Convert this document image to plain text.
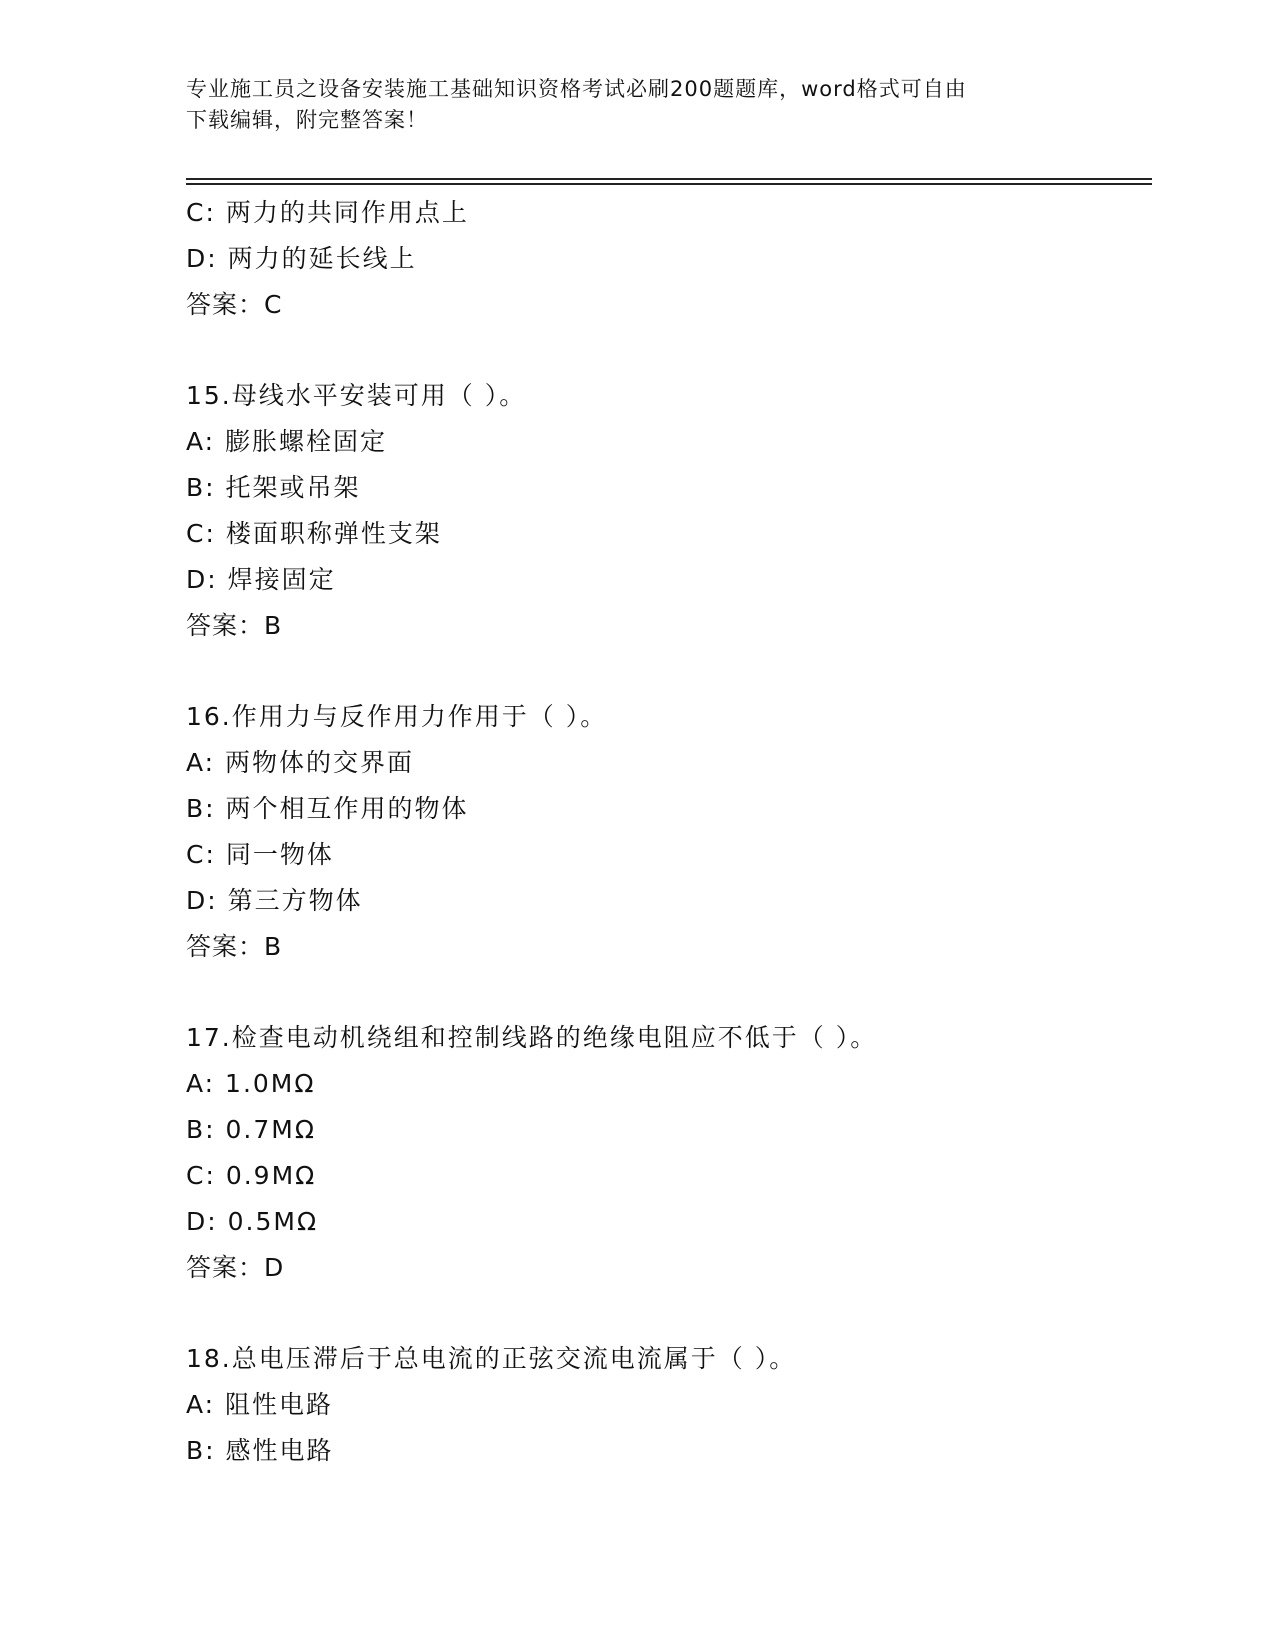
专业施工员之设备安装施工基础知识资格考试必刷200题题库，word格式可自由
下载编辑，附完整答案！
C: 两力的共同作用点上
D: 两力的延长线上
答案：C
15.母线水平安装可用（ ）。
A: 膨胀螺栓固定
B: 托架或吊架
C: 楼面职称弹性支架
D: 焊接固定
答案：B
16.作用力与反作用力作用于（ ）。
A: 两物体的交界面
B: 两个相互作用的物体
C: 同一物体
D: 第三方物体
答案：B
17.检查电动机绕组和控制线路的绝缘电阻应不低于（ ）。
A: 1.0MΩ
B: 0.7MΩ
C: 0.9MΩ
D: 0.5MΩ
答案：D
18.总电压滞后于总电流的正弦交流电流属于（ ）。
A: 阻性电路
B: 感性电路
